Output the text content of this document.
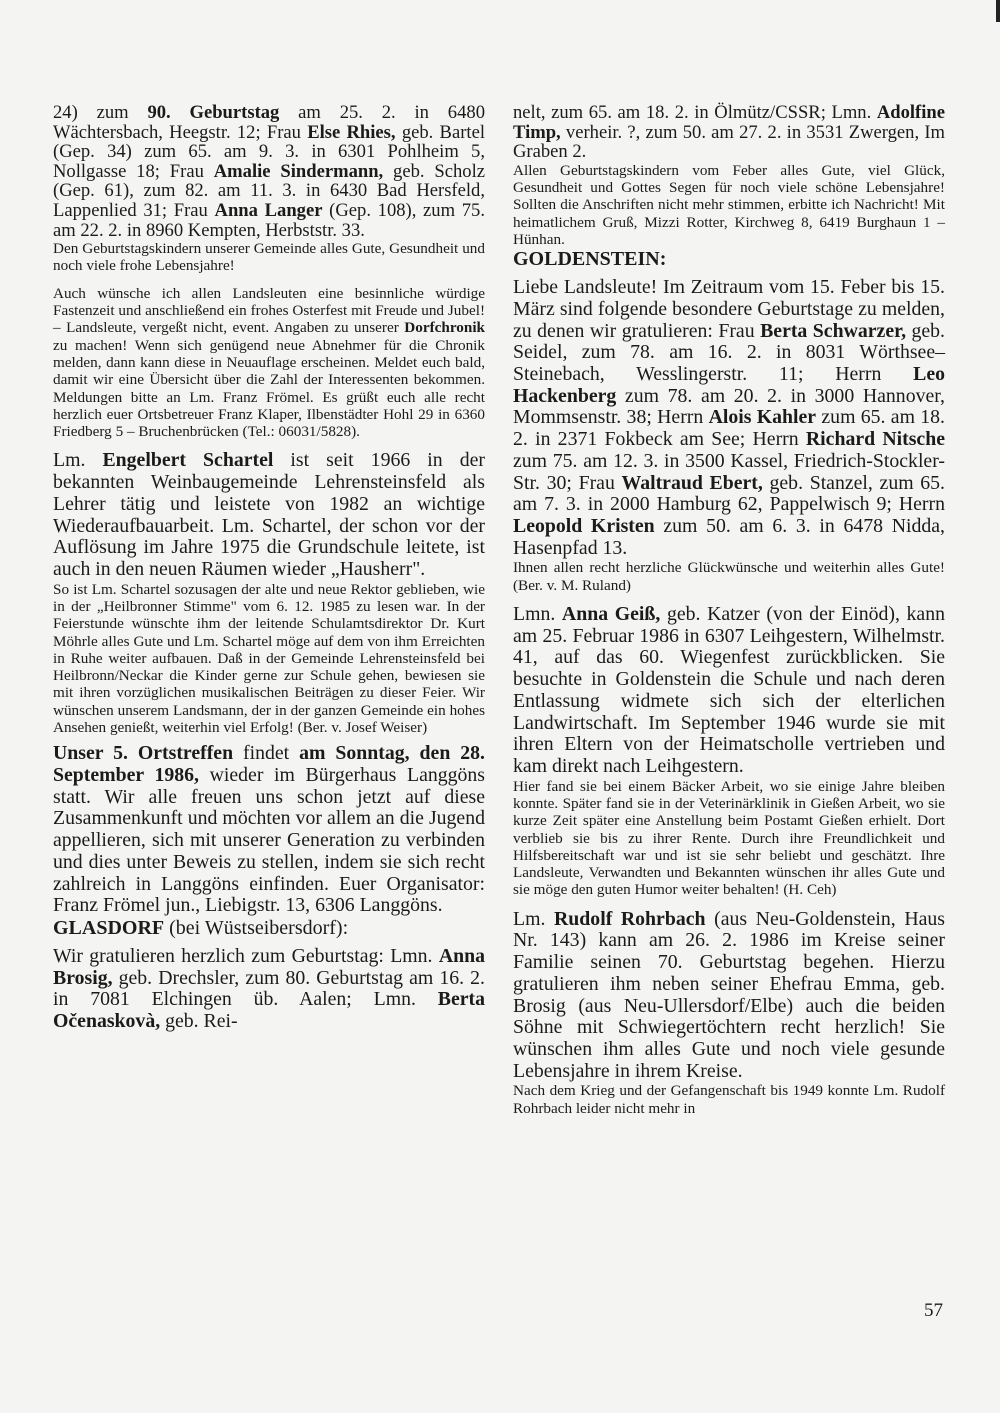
24) zum 90. Geburtstag am 25. 2. in 6480 Wächtersbach, Heegstr. 12; Frau Else Rhies, geb. Bartel (Gep. 34) zum 65. am 9. 3. in 6301 Pohlheim 5, Nollgasse 18; Frau Amalie Sindermann, geb. Scholz (Gep. 61), zum 82. am 11. 3. in 6430 Bad Hersfeld, Lappenlied 31; Frau Anna Langer (Gep. 108), zum 75. am 22. 2. in 8960 Kempten, Herbststr. 33.

Den Geburtstagskindern unserer Gemeinde alles Gute, Gesundheit und noch viele frohe Lebensjahre!

Auch wünsche ich allen Landsleuten eine besinnliche würdige Fastenzeit und anschließend ein frohes Osterfest mit Freude und Jubel! – Landsleute, vergeßt nicht, event. Angaben zu unserer Dorfchronik zu machen! Wenn sich genügend neue Abnehmer für die Chronik melden, dann kann diese in Neuauflage erscheinen. Meldet euch bald, damit wir eine Übersicht über die Zahl der Interessenten bekommen. Meldungen bitte an Lm. Franz Frömel. Es grüßt euch alle recht herzlich euer Ortsbetreuer Franz Klaper, Ilbenstädter Hohl 29 in 6360 Friedberg 5 – Bruchenbrücken (Tel.: 06031/5828).

Lm. Engelbert Schartel ist seit 1966 in der bekannten Weinbaugemeinde Lehrensteinsfeld als Lehrer tätig und leistete von 1982 an wichtige Wiederaufbauarbeit. Lm. Schartel, der schon vor der Auflösung im Jahre 1975 die Grundschule leitete, ist auch in den neuen Räumen wieder „Hausherr".

So ist Lm. Schartel sozusagen der alte und neue Rektor geblieben, wie in der „Heilbronner Stimme" vom 6. 12. 1985 zu lesen war. In der Feierstunde wünschte ihm der leitende Schulamtsdirektor Dr. Kurt Möhrle alles Gute und Lm. Schartel möge auf dem von ihm Erreichten in Ruhe weiter aufbauen. Daß in der Gemeinde Lehrensteinsfeld bei Heilbronn/Neckar die Kinder gerne zur Schule gehen, bewiesen sie mit ihren vorzüglichen musikalischen Beiträgen zu dieser Feier. Wir wünschen unserem Landsmann, der in der ganzen Gemeinde ein hohes Ansehen genießt, weiterhin viel Erfolg! (Ber. v. Josef Weiser)

Unser 5. Ortstreffen findet am Sonntag, den 28. September 1986, wieder im Bürgerhaus Langgöns statt. Wir alle freuen uns schon jetzt auf diese Zusammenkunft und möchten vor allem an die Jugend appellieren, sich mit unserer Generation zu verbinden und dies unter Beweis zu stellen, indem sie sich recht zahlreich in Langgöns einfinden. Euer Organisator: Franz Frömel jun., Liebigstr. 13, 6306 Langgöns.

GLASDORF (bei Wüstseibersdorf):

Wir gratulieren herzlich zum Geburtstag: Lmn. Anna Brosig, geb. Drechsler, zum 80. Geburtstag am 16. 2. in 7081 Elchingen üb. Aalen; Lmn. Berta Očenaskovà, geb. Rei-

nelt, zum 65. am 18. 2. in Ölmütz/CSSR; Lmn. Adolfine Timp, verheir. ?, zum 50. am 27. 2. in 3531 Zwergen, Im Graben 2.

Allen Geburtstagskindern vom Feber alles Gute, viel Glück, Gesundheit und Gottes Segen für noch viele schöne Lebensjahre! Sollten die Anschriften nicht mehr stimmen, erbitte ich Nachricht! Mit heimatlichem Gruß, Mizzi Rotter, Kirchweg 8, 6419 Burghaun 1 – Hünhan.

GOLDENSTEIN:

Liebe Landsleute! Im Zeitraum vom 15. Feber bis 15. März sind folgende besondere Geburtstage zu melden, zu denen wir gratulieren: Frau Berta Schwarzer, geb. Seidel, zum 78. am 16. 2. in 8031 Wörthsee–Steinebach, Wesslingerstr. 11; Herrn Leo Hackenberg zum 78. am 20. 2. in 3000 Hannover, Mommsenstr. 38; Herrn Alois Kahler zum 65. am 18. 2. in 2371 Fokbeck am See; Herrn Richard Nitsche zum 75. am 12. 3. in 3500 Kassel, Friedrich-Stockler-Str. 30; Frau Waltraud Ebert, geb. Stanzel, zum 65. am 7. 3. in 2000 Hamburg 62, Pappelwisch 9; Herrn Leopold Kristen zum 50. am 6. 3. in 6478 Nidda, Hasenpfad 13.

Ihnen allen recht herzliche Glückwünsche und weiterhin alles Gute! (Ber. v. M. Ruland)

Lmn. Anna Geiß, geb. Katzer (von der Einöd), kann am 25. Februar 1986 in 6307 Leihgestern, Wilhelmstr. 41, auf das 60. Wiegenfest zurückblicken. Sie besuchte in Goldenstein die Schule und nach deren Entlassung widmete sich sich der elterlichen Landwirtschaft. Im September 1946 wurde sie mit ihren Eltern von der Heimatscholle vertrieben und kam direkt nach Leihgestern.

Hier fand sie bei einem Bäcker Arbeit, wo sie einige Jahre bleiben konnte. Später fand sie in der Veterinärklinik in Gießen Arbeit, wo sie kurze Zeit später eine Anstellung beim Postamt Gießen erhielt. Dort verblieb sie bis zu ihrer Rente. Durch ihre Freundlichkeit und Hilfsbereitschaft war und ist sie sehr beliebt und geschätzt. Ihre Landsleute, Verwandten und Bekannten wünschen ihr alles Gute und sie möge den guten Humor weiter behalten! (H. Ceh)

Lm. Rudolf Rohrbach (aus Neu-Goldenstein, Haus Nr. 143) kann am 26. 2. 1986 im Kreise seiner Familie seinen 70. Geburtstag begehen. Hierzu gratulieren ihm neben seiner Ehefrau Emma, geb. Brosig (aus Neu-Ullersdorf/Elbe) auch die beiden Söhne mit Schwiegertöchtern recht herzlich! Sie wünschen ihm alles Gute und noch viele gesunde Lebensjahre in ihrem Kreise.

Nach dem Krieg und der Gefangenschaft bis 1949 konnte Lm. Rudolf Rohrbach leider nicht mehr in

57
